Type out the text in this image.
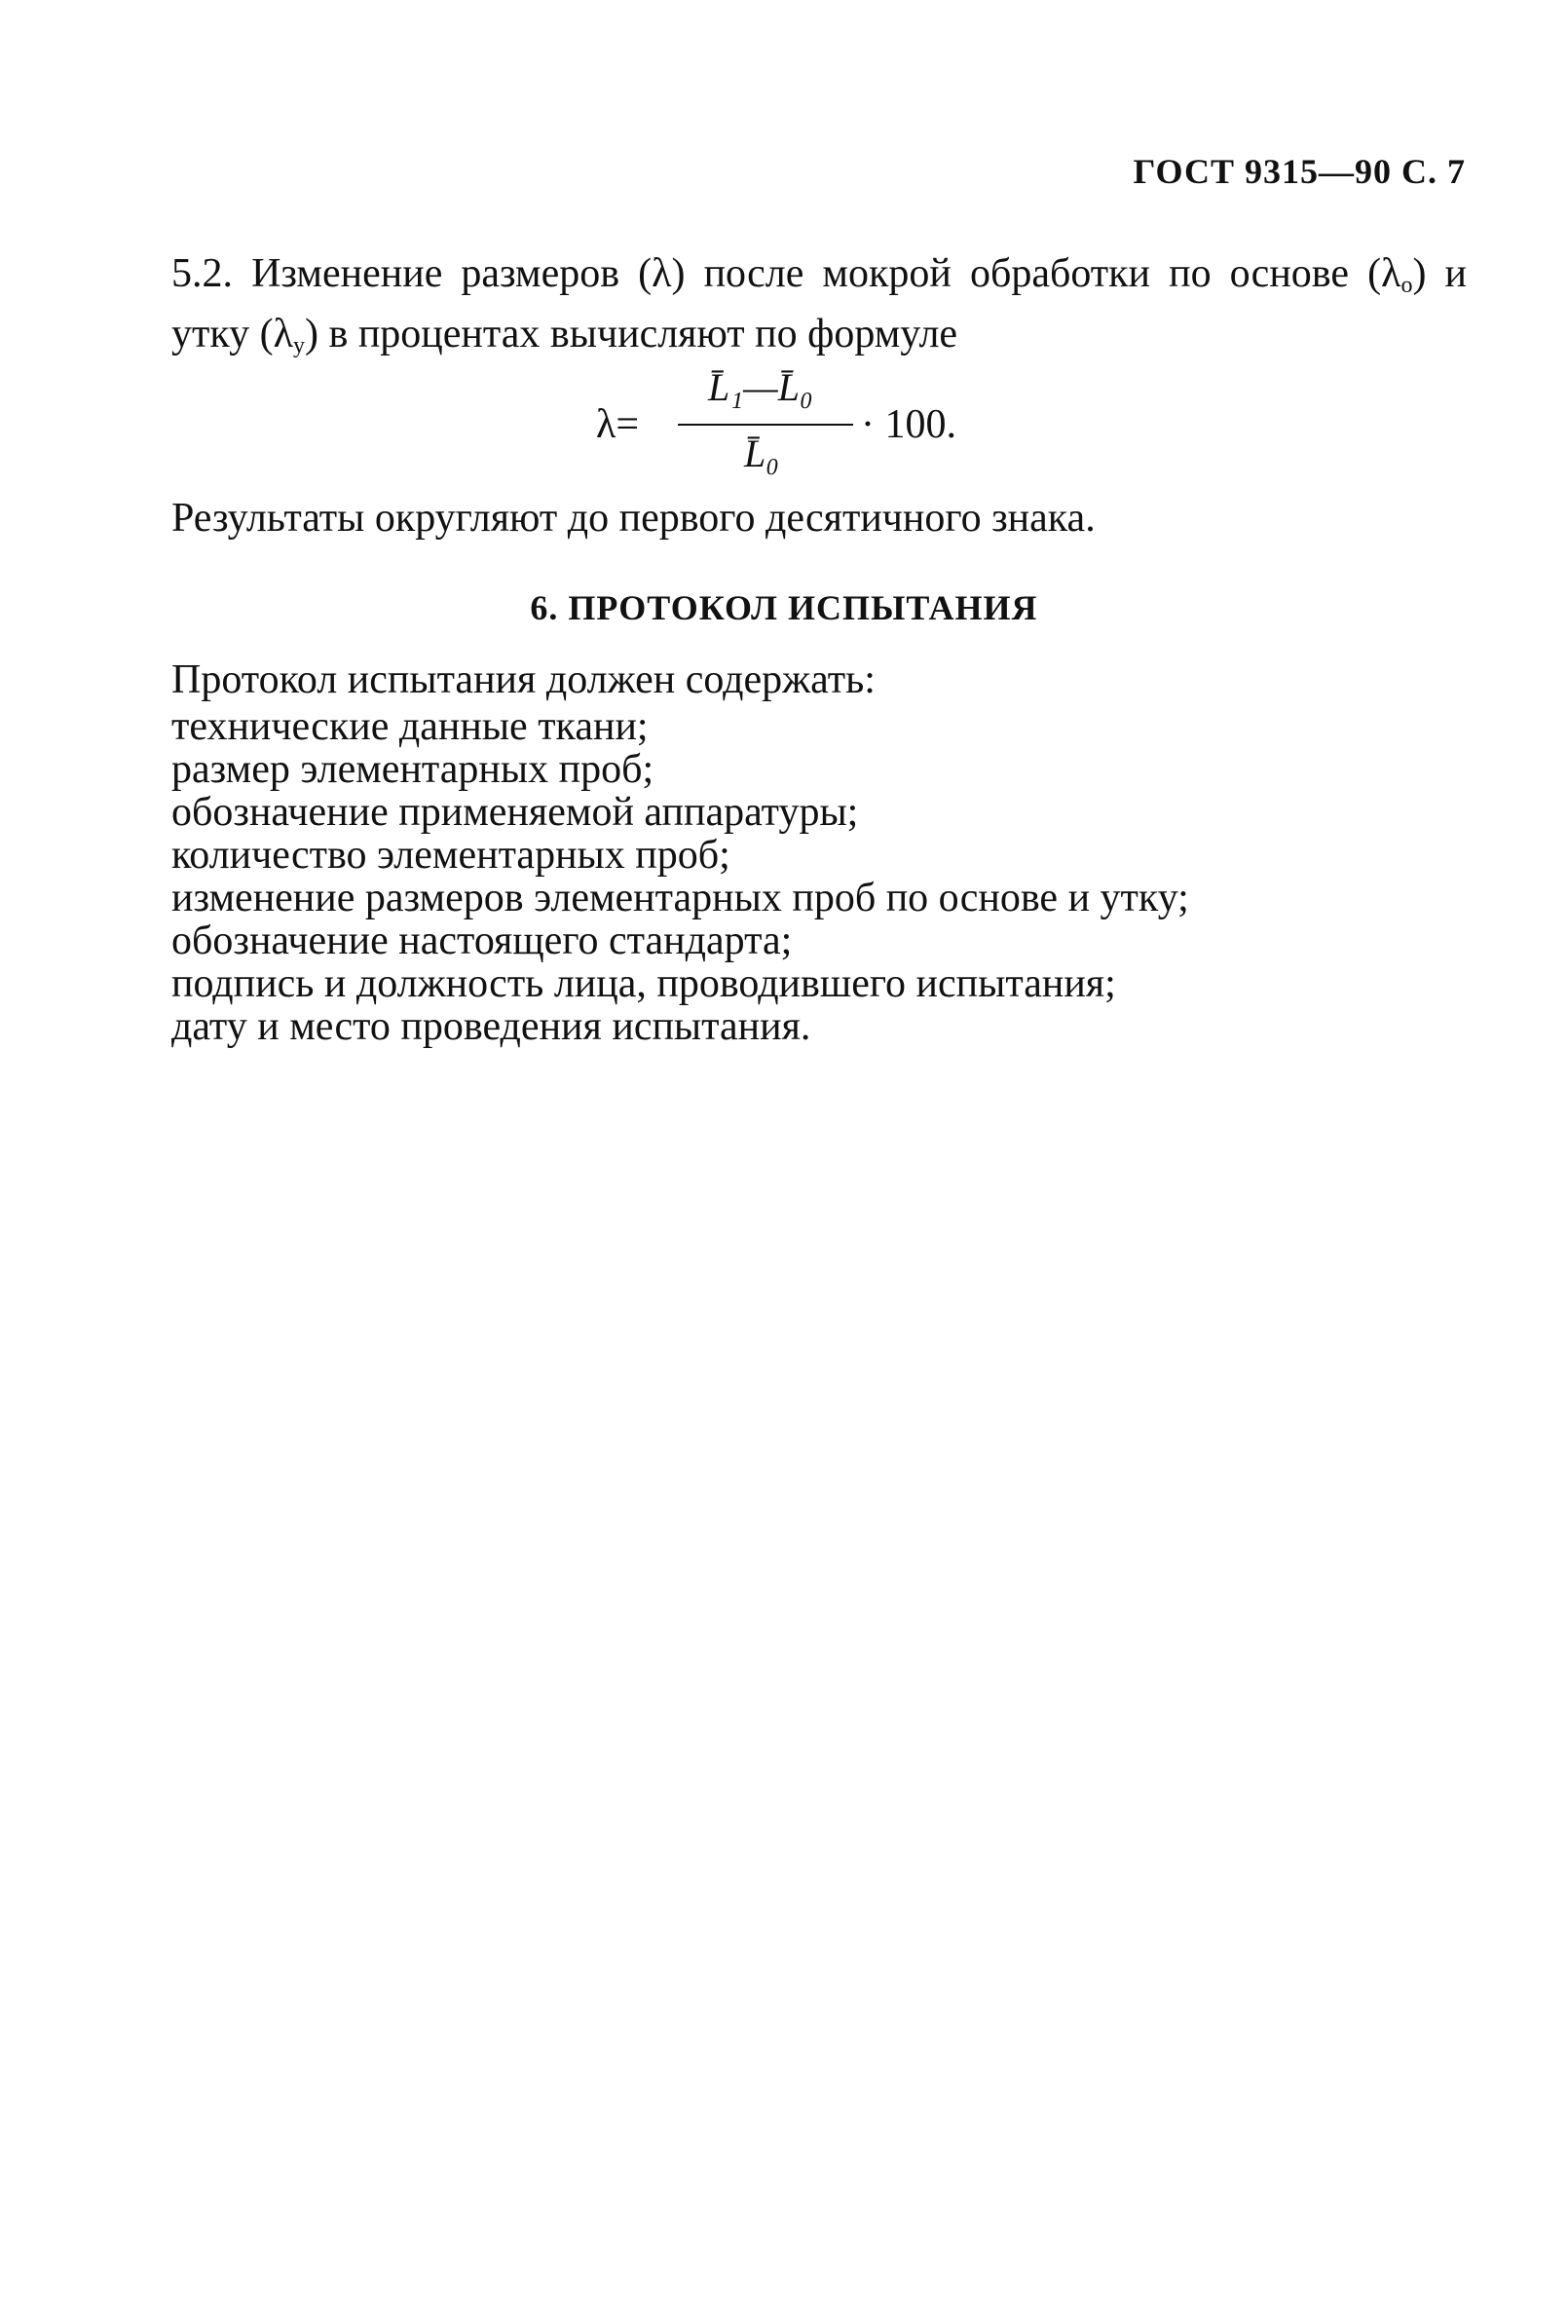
ГОСТ 9315—90 С. 7
5.2. Изменение размеров (λ) после мокрой обработки по основе $(\lambda_о)$ и утку $(\lambda_у)$ в процентах вычисляют по формуле
λ=
L̄₁—L̄₀
L̄₀
· 100.
Результаты округляют до первого десятичного знака.
6. ПРОТОКОЛ ИСПЫТАНИЯ
Протокол испытания должен содержать:
технические данные ткани;
размер элементарных проб;
обозначение применяемой аппаратуры;
количество элементарных проб;
изменение размеров элементарных проб по основе и утку;
обозначение настоящего стандарта;
подпись и должность лица, проводившего испытания;
дату и место проведения испытания.
